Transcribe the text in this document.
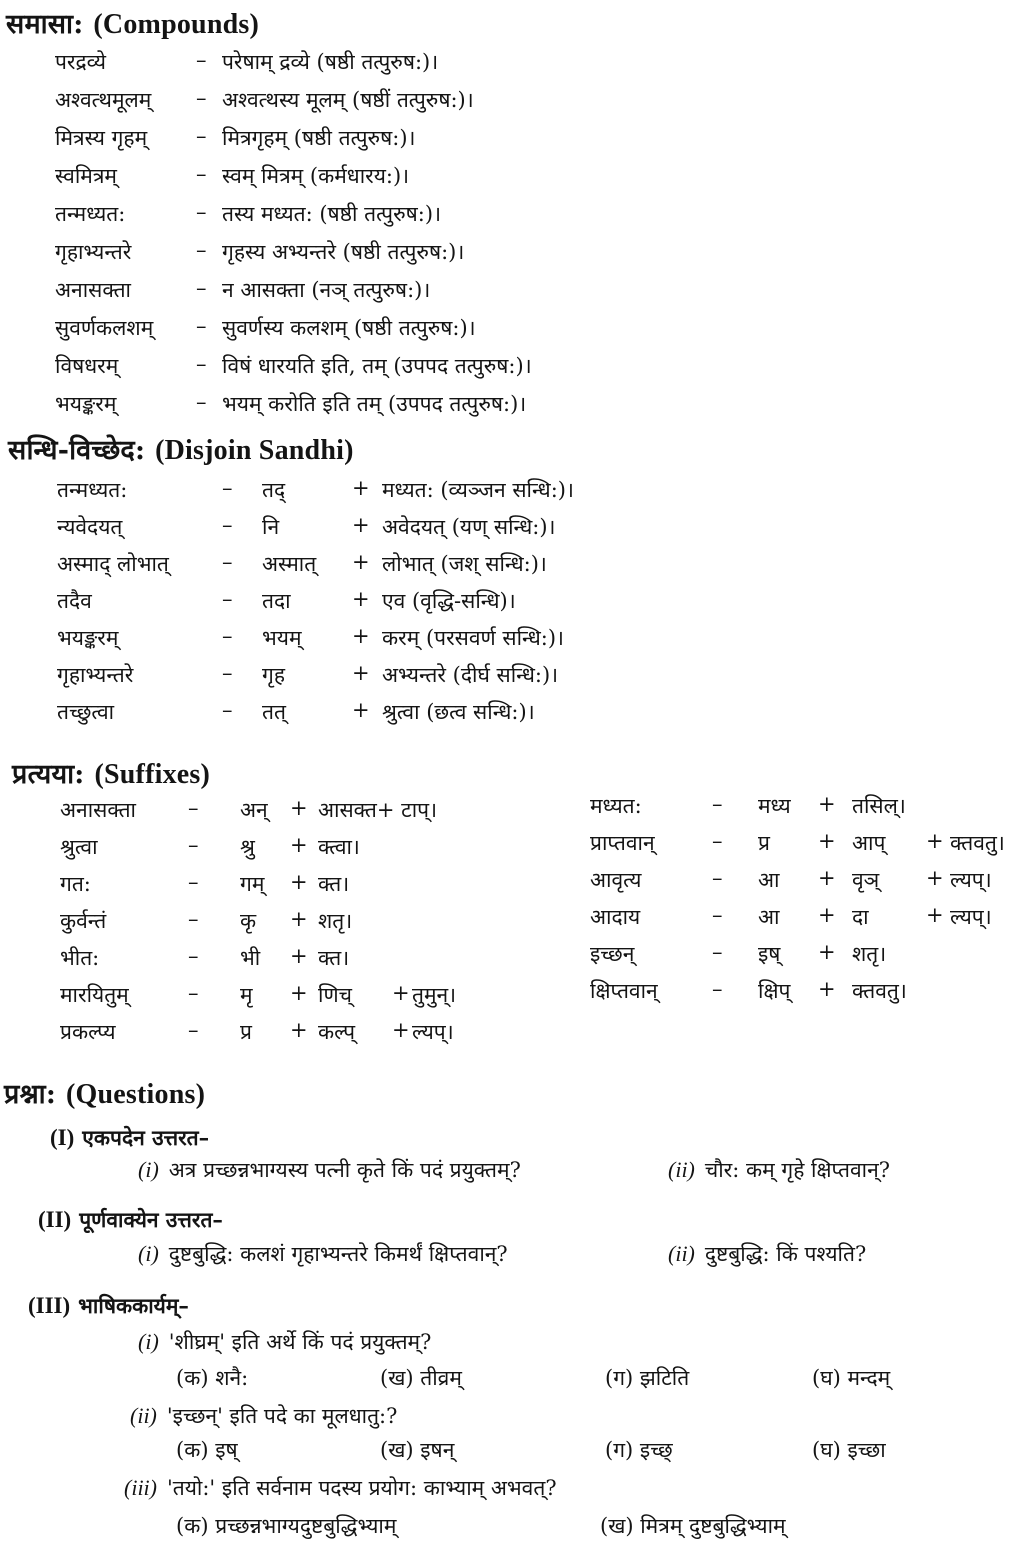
समासा: (Compounds)
परद्रव्ये	– परेषाम् द्रव्ये (षष्ठी तत्पुरुष:)।
अश्वत्थमूलम् – अश्वत्थस्य मूलम् (षष्ठीं तत्पुरुष:)।
मित्रस्य गृहम् – मित्रगृहम् (षष्ठी तत्पुरुष:)।
स्वमित्रम्	– स्वम् मित्रम् (कर्मधारय:)।
तन्मध्यत:	– तस्य मध्यत: (षष्ठी तत्पुरुष:)।
गृहाभ्यन्तरे	– गृहस्य अभ्यन्तरे (षष्ठी तत्पुरुष:)।
अनासक्ता	– न आसक्ता (नञ् तत्पुरुष:)।
सुवर्णकलशम् – सुवर्णस्य कलशम् (षष्ठी तत्पुरुष:)।
विषधरम्	– विषं धारयति इति, तम् (उपपद तत्पुरुष:)।
भयङ्करम्	– भयम् करोति इति तम् (उपपद तत्पुरुष:)।
सन्धि-विच्छेद: (Disjoin Sandhi)
तन्मध्यत:	– तद्	+ मध्यत: (व्यञ्जन सन्धि:)।
न्यवेदयत्	– नि	+ अवेदयत् (यण् सन्धि:)।
अस्माद् लोभात्	– अस्मात् + लोभात् (जश् सन्धि:)।
तदैव	– तदा	+ एव (वृद्धि-सन्धि)।
भयङ्करम्	– भयम् + करम् (परसवर्ण सन्धि:)।
गृहाभ्यन्तरे	– गृह	+ अभ्यन्तरे (दीर्घ सन्धि:)।
तच्छुत्वा	– तत्	+ श्रुत्वा (छत्व सन्धि:)।
प्रत्यया: (Suffixes)
अनासक्ता – अन् + आसक्त+ टाप्।
श्रुत्वा	– श्रु + क्त्वा।
गत:	– गम् + क्त।
कुर्वन्तं	– कृ + शतृ।
भीत:	– भी + क्त।
मारयितुम्	– मृ + णिच् + तुमुन्।
प्रकल्प्य	– प्र + कल्प् + ल्यप्।
मध्यत:	– मध्य + तसिल्।
प्राप्तवान्	– प्र + आप् + क्तवतु।
आवृत्य	– आ + वृञ् + ल्यप्।
आदाय	– आ + दा	+ ल्यप्।
इच्छन्	– इष् + शतृ।
क्षिप्तवान्	– क्षिप् + क्तवतु।
प्रश्ना: (Questions)
(I) एकपदेन उत्तरत–
(i) अत्र प्रच्छन्नभाग्यस्य पत्नी कृते किं पदं प्रयुक्तम्?	(ii) चौर: कम् गृहे क्षिप्तवान्?
(II) पूर्णवाक्येन उत्तरत–
(i) दुष्टबुद्धि: कलशं गृहाभ्यन्तरे किमर्थं क्षिप्तवान्?	(ii) दुष्टबुद्धि: किं पश्यति?
(III) भाषिककार्यम्–
(i) 'शीघ्रम्' इति अर्थे किं पदं प्रयुक्तम्?
(क) शनै:	(ख) तीव्रम्	(ग) झटिति	(घ) मन्दम्
(ii) 'इच्छन्' इति पदे का मूलधातु:?
(क) इष्	(ख) इषन्	(ग) इच्छ्	(घ) इच्छा
(iii) 'तयो:' इति सर्वनाम पदस्य प्रयोग: काभ्याम् अभवत्?
(क) प्रच्छन्नभाग्यदुष्टबुद्धिभ्याम्	(ख) मित्रम् दुष्टबुद्धिभ्याम्
